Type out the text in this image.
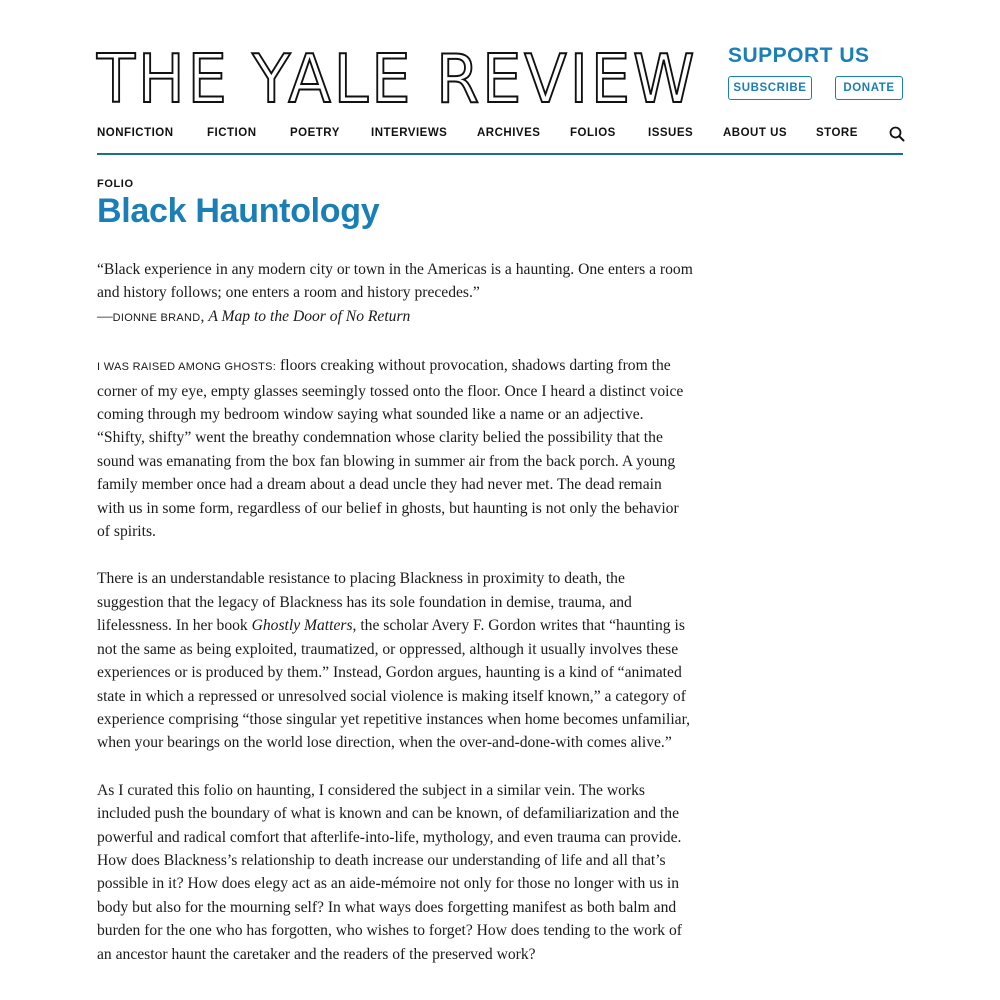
THE YALE REVIEW SUPPORT US
SUBSCRIBE	DONATE
NONFICTION	FICTION	POETRY	INTERVIEWS	ARCHIVES	FOLIOS	ISSUES	ABOUT US	STORE
FOLIO
Black Hauntology
“Black experience in any modern city or town in the Americas is a haunting. One enters a room and history follows; one enters a room and history precedes.”
—DIONNE BRAND, A Map to the Door of No Return

I WAS RAISED AMONG GHOSTS: floors creaking without provocation, shadows darting from the corner of my eye, empty glasses seemingly tossed onto the floor. Once I heard a distinct voice coming through my bedroom window saying what sounded like a name or an adjective. “Shifty, shifty” went the breathy condemnation whose clarity belied the possibility that the sound was emanating from the box fan blowing in summer air from the back porch. A young family member once had a dream about a dead uncle they had never met. The dead remain with us in some form, regardless of our belief in ghosts, but haunting is not only the behavior of spirits.

There is an understandable resistance to placing Blackness in proximity to death, the suggestion that the legacy of Blackness has its sole foundation in demise, trauma, and lifelessness. In her book Ghostly Matters, the scholar Avery F. Gordon writes that “haunting is not the same as being exploited, traumatized, or oppressed, although it usually involves these experiences or is produced by them.” Instead, Gordon argues, haunting is a kind of “animated state in which a repressed or unresolved social violence is making itself known,” a category of experience comprising “those singular yet repetitive instances when home becomes unfamiliar, when your bearings on the world lose direction, when the over-and-done-with comes alive.”

As I curated this folio on haunting, I considered the subject in a similar vein. The works included push the boundary of what is known and can be known, of defamiliarization and the powerful and radical comfort that afterlife-into-life, mythology, and even trauma can provide. How does Blackness’s relationship to death increase our understanding of life and all that’s possible in it? How does elegy act as an aide-mémoire not only for those no longer with us in body but also for the mourning self? In what ways does forgetting manifest as both balm and burden for the one who has forgotten, who wishes to forget? How does tending to the work of an ancestor haunt the caretaker and the readers of the preserved work?
